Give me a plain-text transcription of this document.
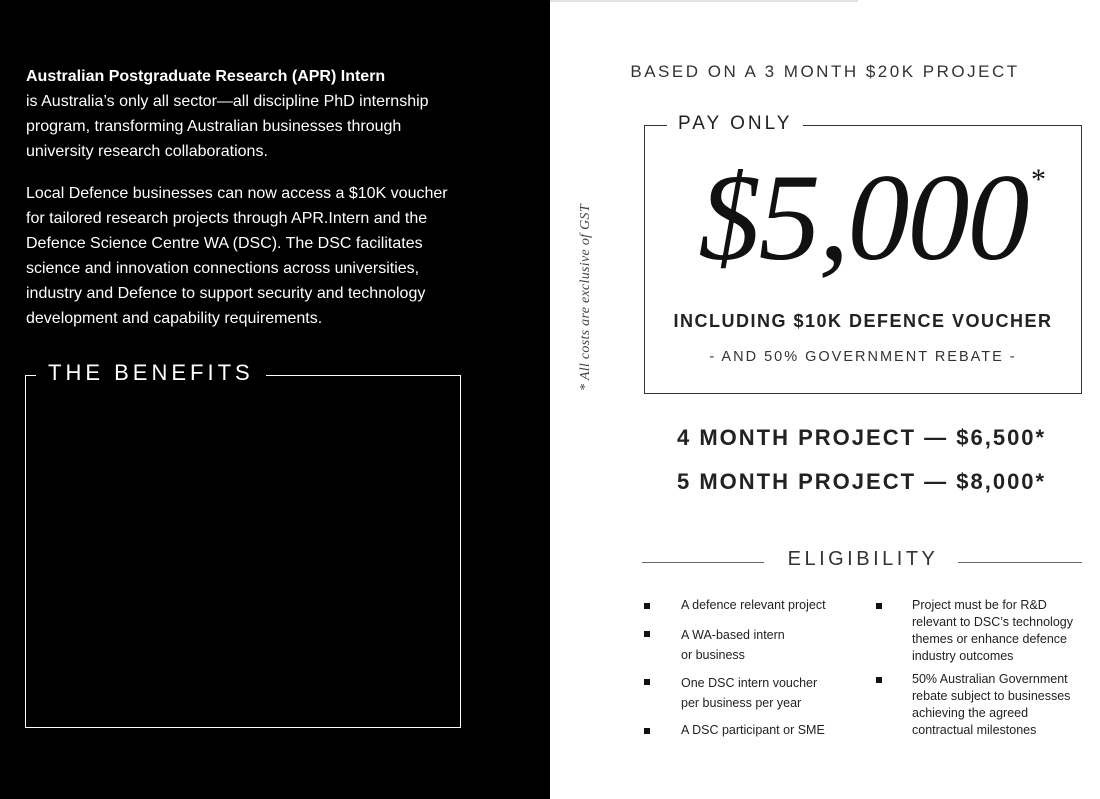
Australian Postgraduate Research (APR) Intern

is Australia’s only all sector—all discipline PhD internship

program, transforming Australian businesses through

university research collaborations.

Local Defence businesses can now access a $10K voucher

for tailored research projects through APR.Intern and the

Defence Science Centre WA (DSC). The DSC facilitates

science and innovation connections across universities,

industry and Defence to support security and technology

development and capability requirements.

THE BENEFITS
RAPID RESULTS IN 3-5 MONTHS
Quick outcomes through high impact research projects
COMBINE VOUCHER WITH GOVERNMENT REBATE
Maximise funding opportunities
RETAIN INTELLECTUAL PROPERTY
All project-related IP remains with the business
FILL A SKILLS GAP
Fast track innovation with PhD and mentor expertise
MINIMAL HR ADMINISTRATION
No HR costs, all facilitation by APR.Intern
BASED ON A 3 MONTH $20K PROJECT
* All costs are exclusive of GST
PAY ONLY
$5,000 *
INCLUDING $10K DEFENCE VOUCHER
- AND 50% GOVERNMENT REBATE -
4 MONTH PROJECT — $6,500*
5 MONTH PROJECT — $8,000*
ELIGIBILITY
A defence relevant project
A WA-based intern
or business
One DSC intern voucher
per business per year
A DSC participant or SME
Project must be for R&D
relevant to DSC’s technology
themes or enhance defence
industry outcomes
50% Australian Government
rebate subject to businesses
achieving the agreed
contractual milestones
